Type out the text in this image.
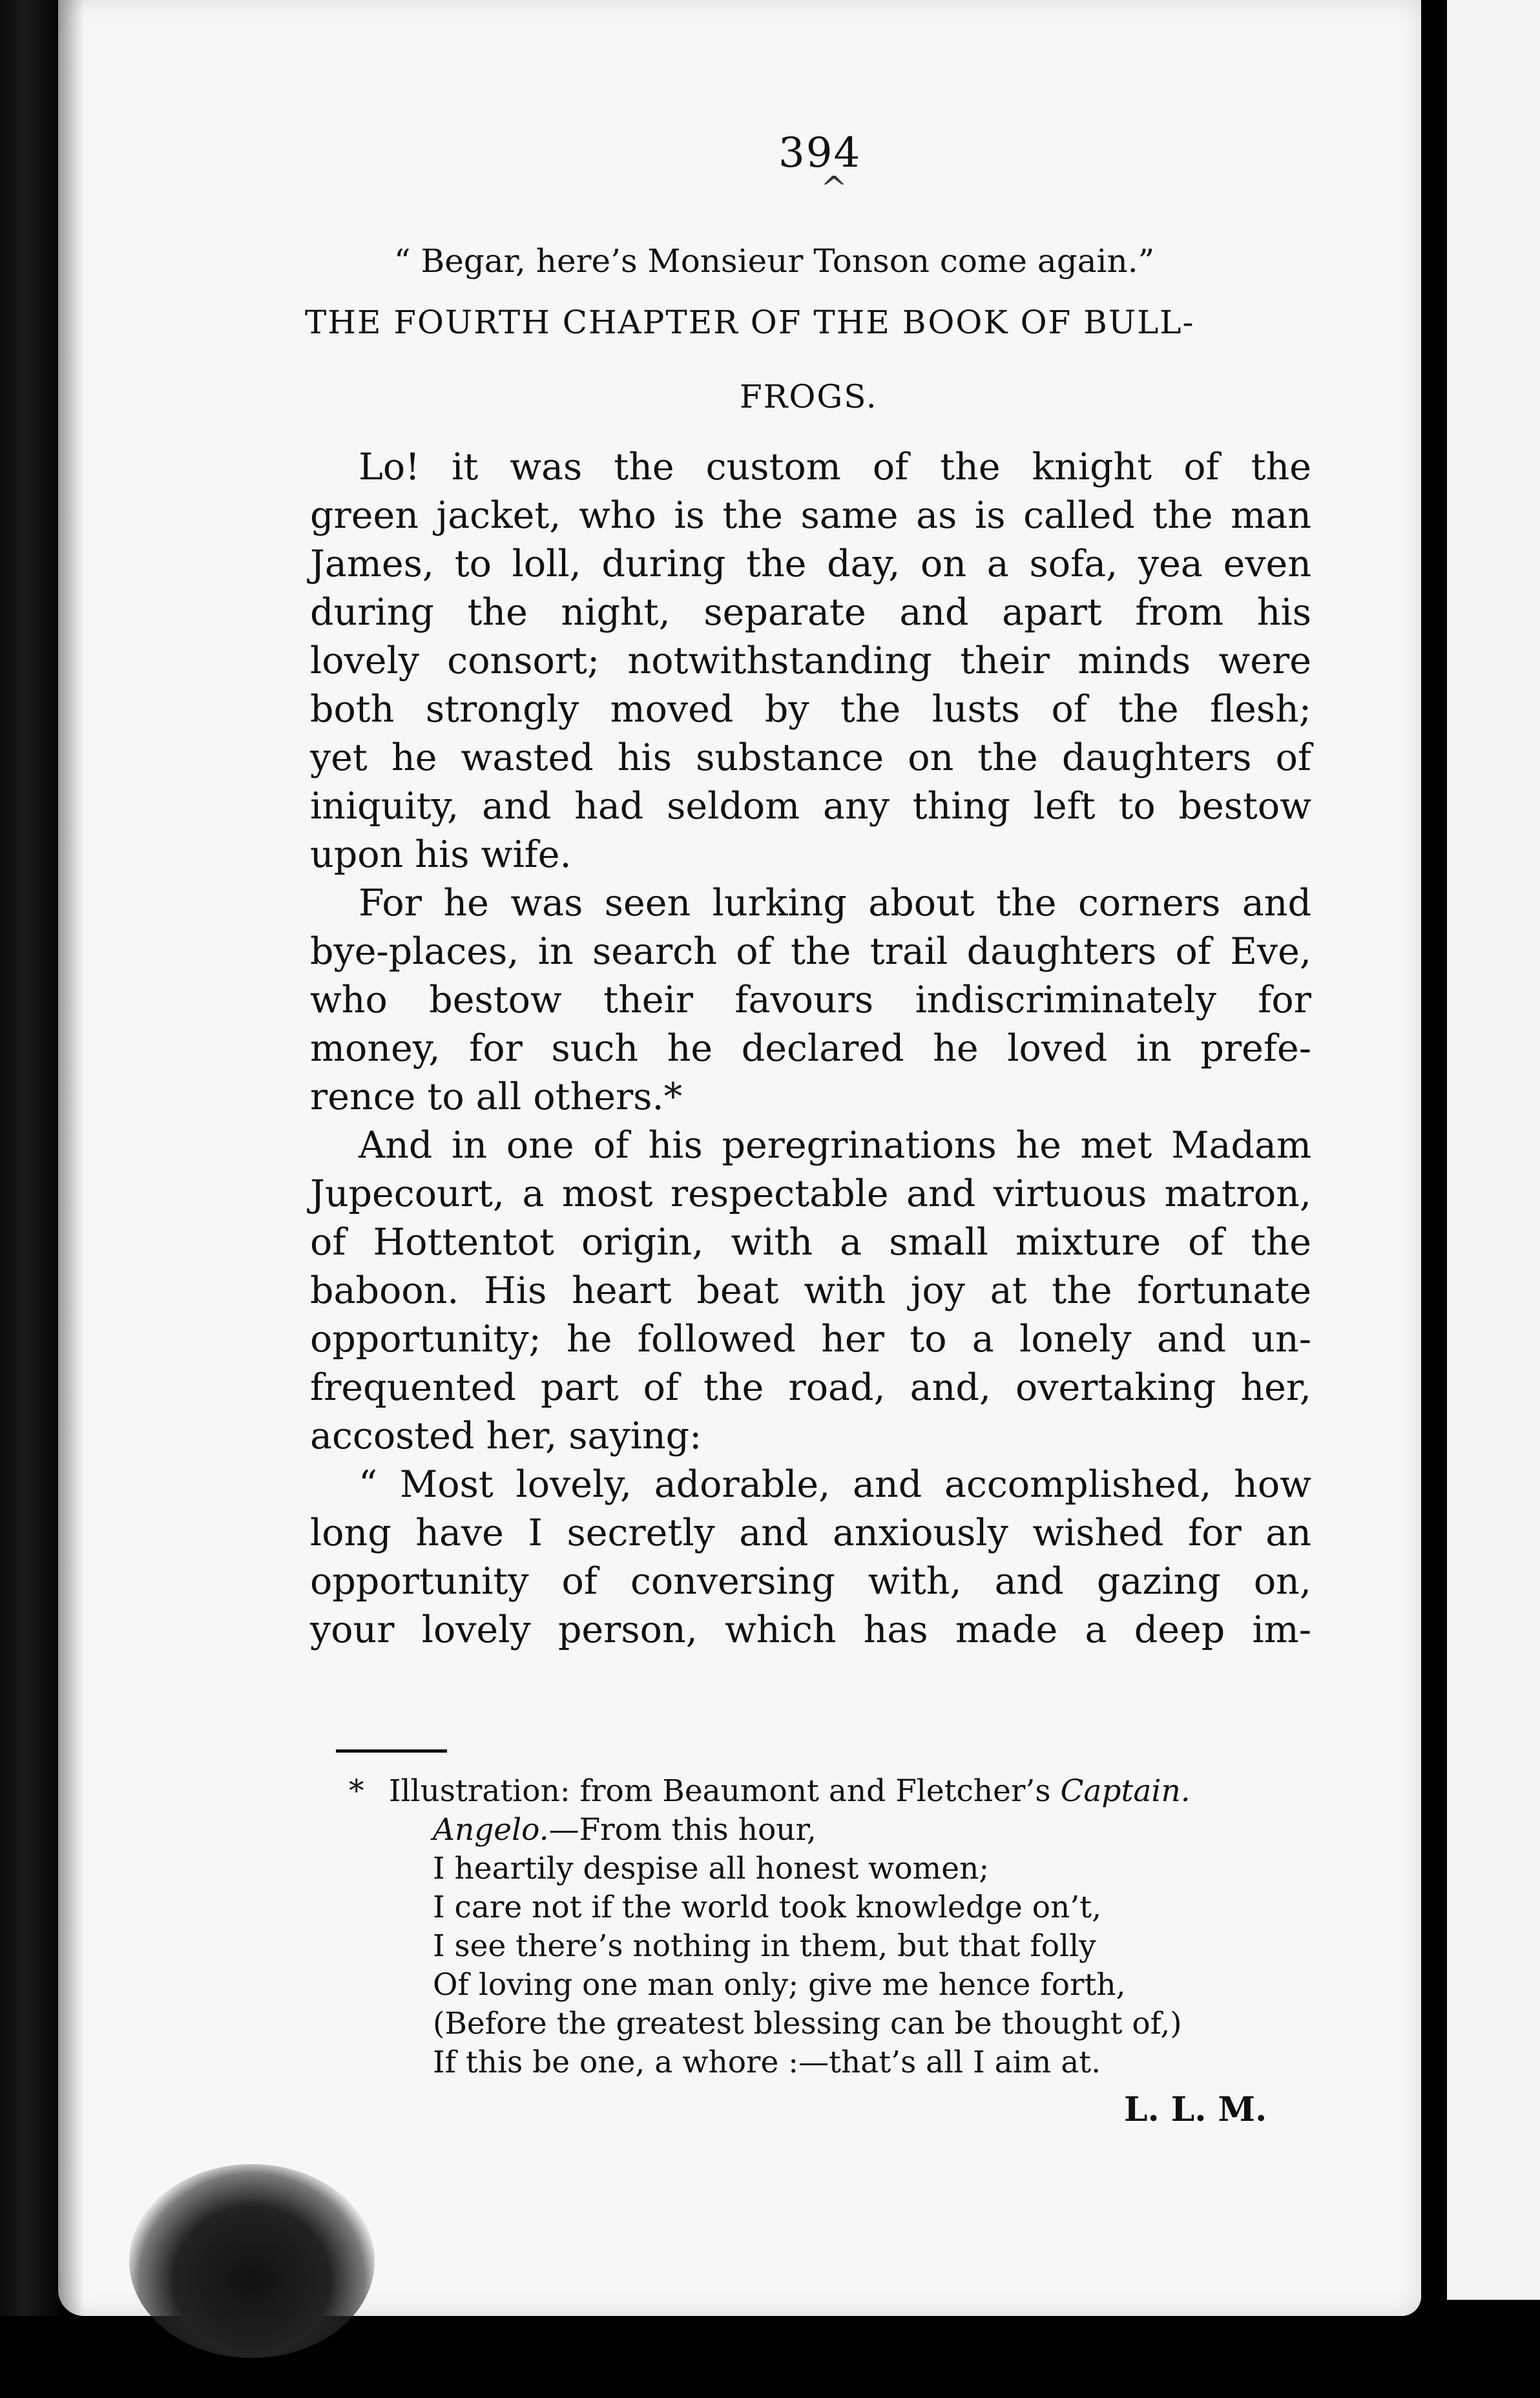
394
^
“ Begar, here’s Monsieur Tonson come again.”
THE FOURTH CHAPTER OF THE BOOK OF BULL-
FROGS.
Lo! it was the custom of the knight of the
green jacket, who is the same as is called the man
James, to loll, during the day, on a sofa, yea even
during the night, separate and apart from his
lovely consort; notwithstanding their minds were
both strongly moved by the lusts of the flesh;
yet he wasted his substance on the daughters of
iniquity, and had seldom any thing left to bestow
upon his wife.
For he was seen lurking about the corners and
bye-places, in search of the trail daughters of Eve,
who bestow their favours indiscriminately for
money, for such he declared he loved in prefe-
rence to all others.*
And in one of his peregrinations he met Madam
Jupecourt, a most respectable and virtuous matron,
of Hottentot origin, with a small mixture of the
baboon. His heart beat with joy at the fortunate
opportunity; he followed her to a lonely and un-
frequented part of the road, and, overtaking her,
accosted her, saying:
“ Most lovely, adorable, and accomplished, how
long have I secretly and anxiously wished for an
opportunity of conversing with, and gazing on,
your lovely person, which has made a deep im-
*   Illustration: from Beaumont and Fletcher’s Captain.
Angelo.—From this hour,
I heartily despise all honest women;
I care not if the world took knowledge on’t,
I see there’s nothing in them, but that folly
Of loving one man only; give me hence forth,
(Before the greatest blessing can be thought of,)
If this be one, a whore :—that’s all I aim at.
L. L. M.
